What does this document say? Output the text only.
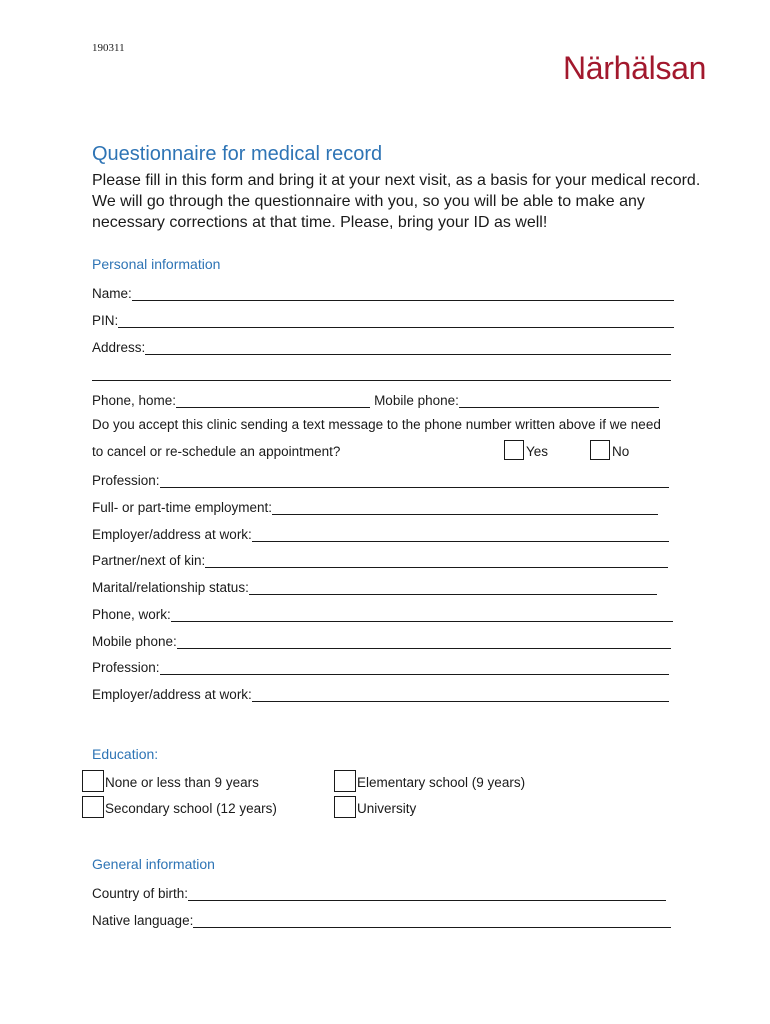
190311
Närhälsan
Questionnaire for medical record
Please fill in this form and bring it at your next visit, as a basis for your medical record. We will go through the questionnaire with you, so you will be able to make any necessary corrections at that time. Please, bring your ID as well!
Personal information
Name:
PIN:
Address:
Phone, home:	Mobile phone:
Do you accept this clinic sending a text message to the phone number written above if we need
to cancel or re-schedule an appointment?	Yes	No
Profession:
Full- or part-time employment:
Employer/address at work:
Partner/next of kin:
Marital/relationship status:
Phone, work:
Mobile phone:
Profession:
Employer/address at work:
Education:
None or less than 9 years	Elementary school (9 years)
Secondary school (12 years)	University
General information
Country of birth:
Native language:
